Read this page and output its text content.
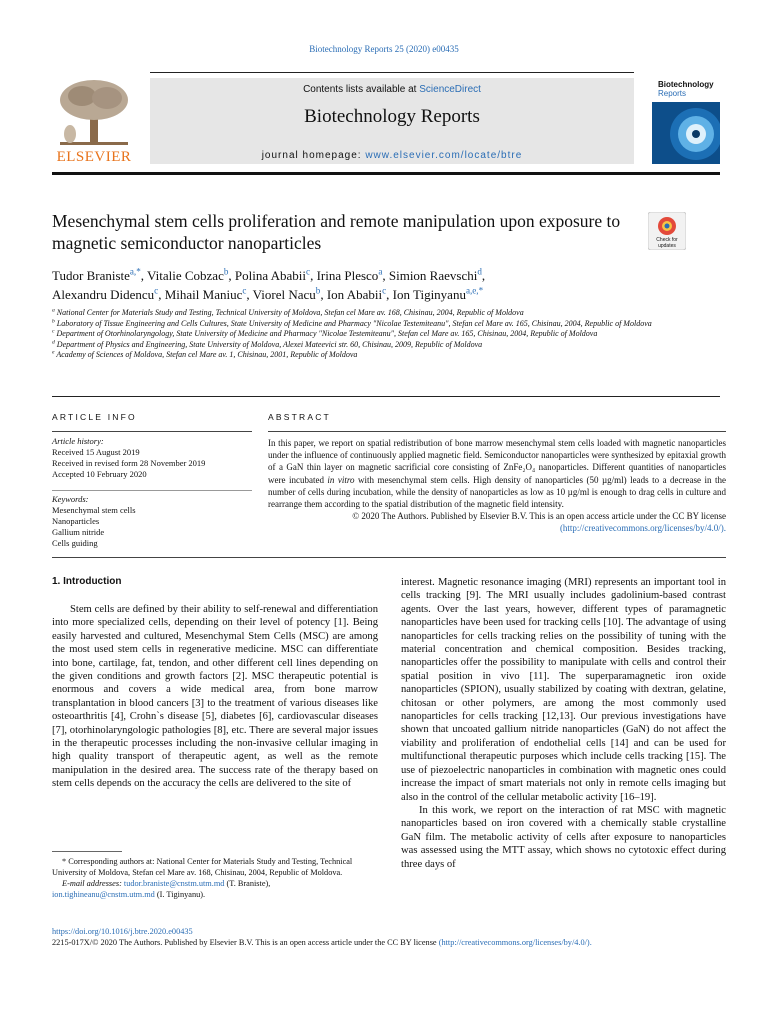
Biotechnology Reports 25 (2020) e00435
ELSEVIER
Contents lists available at ScienceDirect
Biotechnology Reports
journal homepage: www.elsevier.com/locate/btre
Biotechnology
Reports
Mesenchymal stem cells proliferation and remote manipulation upon exposure to magnetic semiconductor nanoparticles	Check for updates
Tudor Braniste$^{a,*}$, Vitalie Cobzac$^b$, Polina Ababii$^c$, Irina Plesco$^a$, Simion Raevschi$^d$,
Alexandru Didencu$^c$, Mihail Maniuc$^c$, Viorel Nacu$^b$, Ion Ababii$^c$, Ion Tiginyanu$^{a,e,*}$
$^a$ National Center for Materials Study and Testing, Technical University of Moldova, Stefan cel Mare av. 168, Chisinau, 2004, Republic of Moldova
$^b$ Laboratory of Tissue Engineering and Cells Cultures, State University of Medicine and Pharmacy "Nicolae Testemiteanu", Stefan cel Mare av. 165, Chisinau, 2004, Republic of Moldova
$^c$ Department of Otorhinolaryngology, State University of Medicine and Pharmacy "Nicolae Testemiteanu", Stefan cel Mare av. 165, Chisinau, 2004, Republic of Moldova
$^d$ Department of Physics and Engineering, State University of Moldova, Alexei Mateevici str. 60, Chisinau, 2009, Republic of Moldova
$^e$ Academy of Sciences of Moldova, Stefan cel Mare av. 1, Chisinau, 2001, Republic of Moldova
ARTICLE INFO
Article history:
Received 15 August 2019
Received in revised form 28 November 2019
Accepted 10 February 2020
Keywords:
Mesenchymal stem cells
Nanoparticles
Gallium nitride
Cells guiding
ABSTRACT
In this paper, we report on spatial redistribution of bone marrow mesenchymal stem cells loaded with magnetic nanoparticles under the influence of continuously applied magnetic field. Semiconductor nanoparticles were synthesized by epitaxial growth of a GaN thin layer on magnetic sacrificial core consisting of ZnFe₂O₄ nanoparticles. Different quantities of nanoparticles were incubated in vitro with mesenchymal stem cells. High density of nanoparticles (50 µg/ml) leads to a decrease in the number of cells during incubation, while the density of nanoparticles as low as 10 µg/ml is enough to drag cells in culture and rearrange them according to the spatial distribution of the magnetic field intensity.
© 2020 The Authors. Published by Elsevier B.V. This is an open access article under the CC BY license
(http://creativecommons.org/licenses/by/4.0/).
1. Introduction
Stem cells are defined by their ability to self-renewal and differentiation into more specialized cells, depending on their level of potency [1]. Being easily harvested and cultured, Mesenchymal Stem Cells (MSC) are among the most used stem cells in regenerative medicine. MSC can differentiate into bone, cartilage, fat, tendon, and other different cell lines depending on the given conditions and growth factors [2]. MSC therapeutic potential is enormous and covers a wide medical area, from bone marrow transplantation in blood cancers [3] to the treatment of various diseases like osteoarthritis [4], Crohn`s disease [5], diabetes [6], cardiovascular diseases [7], otorhinolaryngologic pathologies [8], etc. There are several major issues in the therapeutic processes including the non-invasive cellular imaging in high quality transport of therapeutic agent, as well as the remote manipulation in the desired area. The success rate of the therapy based on stem cells depends on the accuracy the cells are delivered to the site of

interest. Magnetic resonance imaging (MRI) represents an important tool in cells tracking [9]. The MRI usually includes gadolinium-based contrast agents. Over the last years, however, different types of paramagnetic nanoparticles have been used for tracking cells [10]. The advantage of using nanoparticles for cells tracking relies on the possibility of tuning with the material concentration and chemical composition. Besides tracking, nanoparticles offer the possibility to manipulate with cells and control their spatial position in vivo [11]. The superparamagnetic iron oxide nanoparticles (SPION), usually stabilized by coating with dextran, gelatine, chitosan or other polymers, are among the most commonly used nanoparticles for cells tracking [12,13]. Our previous investigations have shown that uncoated gallium nitride nanoparticles (GaN) do not affect the viability and proliferation of endothelial cells [14] and can be used for multifunctional therapeutic purposes which include cells tracking [15]. The use of piezoelectric nanoparticles in combination with magnetic ones could increase the impact of smart materials not only in remote cells imaging but also in the control of the cellular metabolic activity [16–19].

In this work, we report on the interaction of rat MSC with magnetic nanoparticles based on iron covered with a chemically stable crystalline GaN film. The metabolic activity of cells after exposure to nanoparticles was assessed using the MTT assay, which shows no cytotoxic effect during three days of

* Corresponding authors at: National Center for Materials Study and Testing, Technical University of Moldova, Stefan cel Mare av. 168, Chisinau, 2004, Republic of Moldova.
E-mail addresses: tudor.braniste@cnstm.utm.md (T. Braniste),
ion.tighineanu@cnstm.utm.md (I. Tiginyanu).
https://doi.org/10.1016/j.btre.2020.e00435
2215-017X/© 2020 The Authors. Published by Elsevier B.V. This is an open access article under the CC BY license (http://creativecommons.org/licenses/by/4.0/).
